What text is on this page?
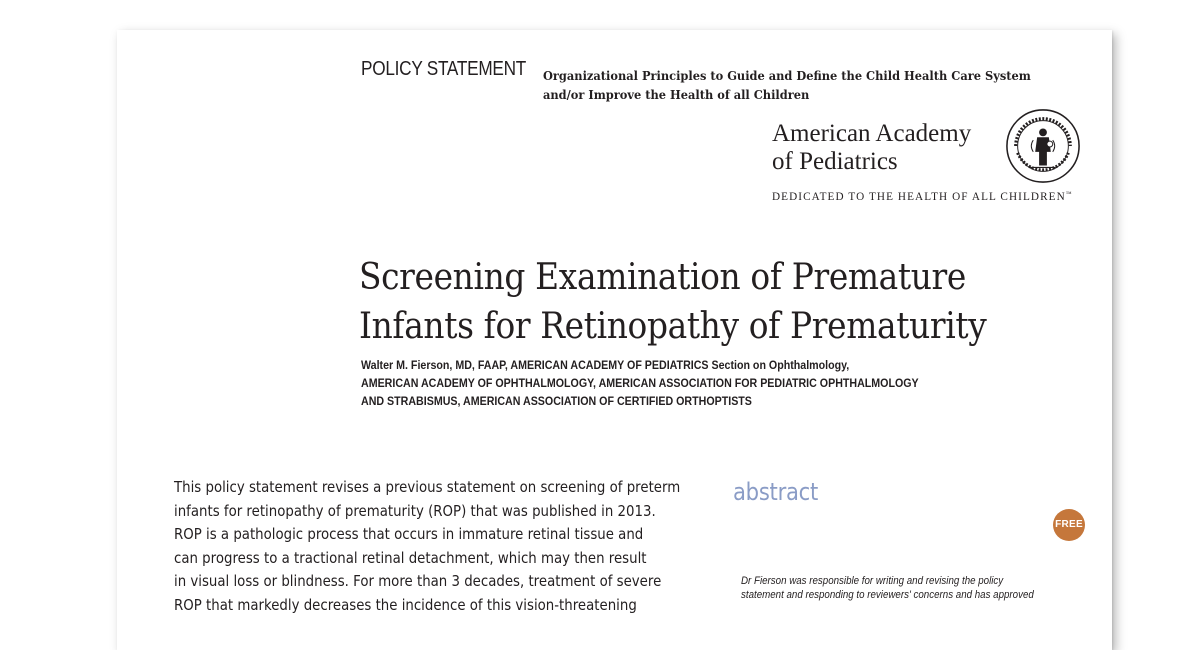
POLICY STATEMENT Organizational Principles to Guide and Define the Child Health Care System
and/or Improve the Health of all Children
American Academy
of Pediatrics
DEDICATED TO THE HEALTH OF ALL CHILDREN™
Screening Examination of Premature
Infants for Retinopathy of Prematurity
Walter M. Fierson, MD, FAAP, AMERICAN ACADEMY OF PEDIATRICS Section on Ophthalmology,
AMERICAN ACADEMY OF OPHTHALMOLOGY, AMERICAN ASSOCIATION FOR PEDIATRIC OPHTHALMOLOGY
AND STRABISMUS, AMERICAN ASSOCIATION OF CERTIFIED ORTHOPTISTS
This policy statement revises a previous statement on screening of preterm
infants for retinopathy of prematurity (ROP) that was published in 2013.
ROP is a pathologic process that occurs in immature retinal tissue and
can progress to a tractional retinal detachment, which may then result
in visual loss or blindness. For more than 3 decades, treatment of severe
ROP that markedly decreases the incidence of this vision-threatening
abstract
FREE
Dr Fierson was responsible for writing and revising the policy
statement and responding to reviewers' concerns and has approved
